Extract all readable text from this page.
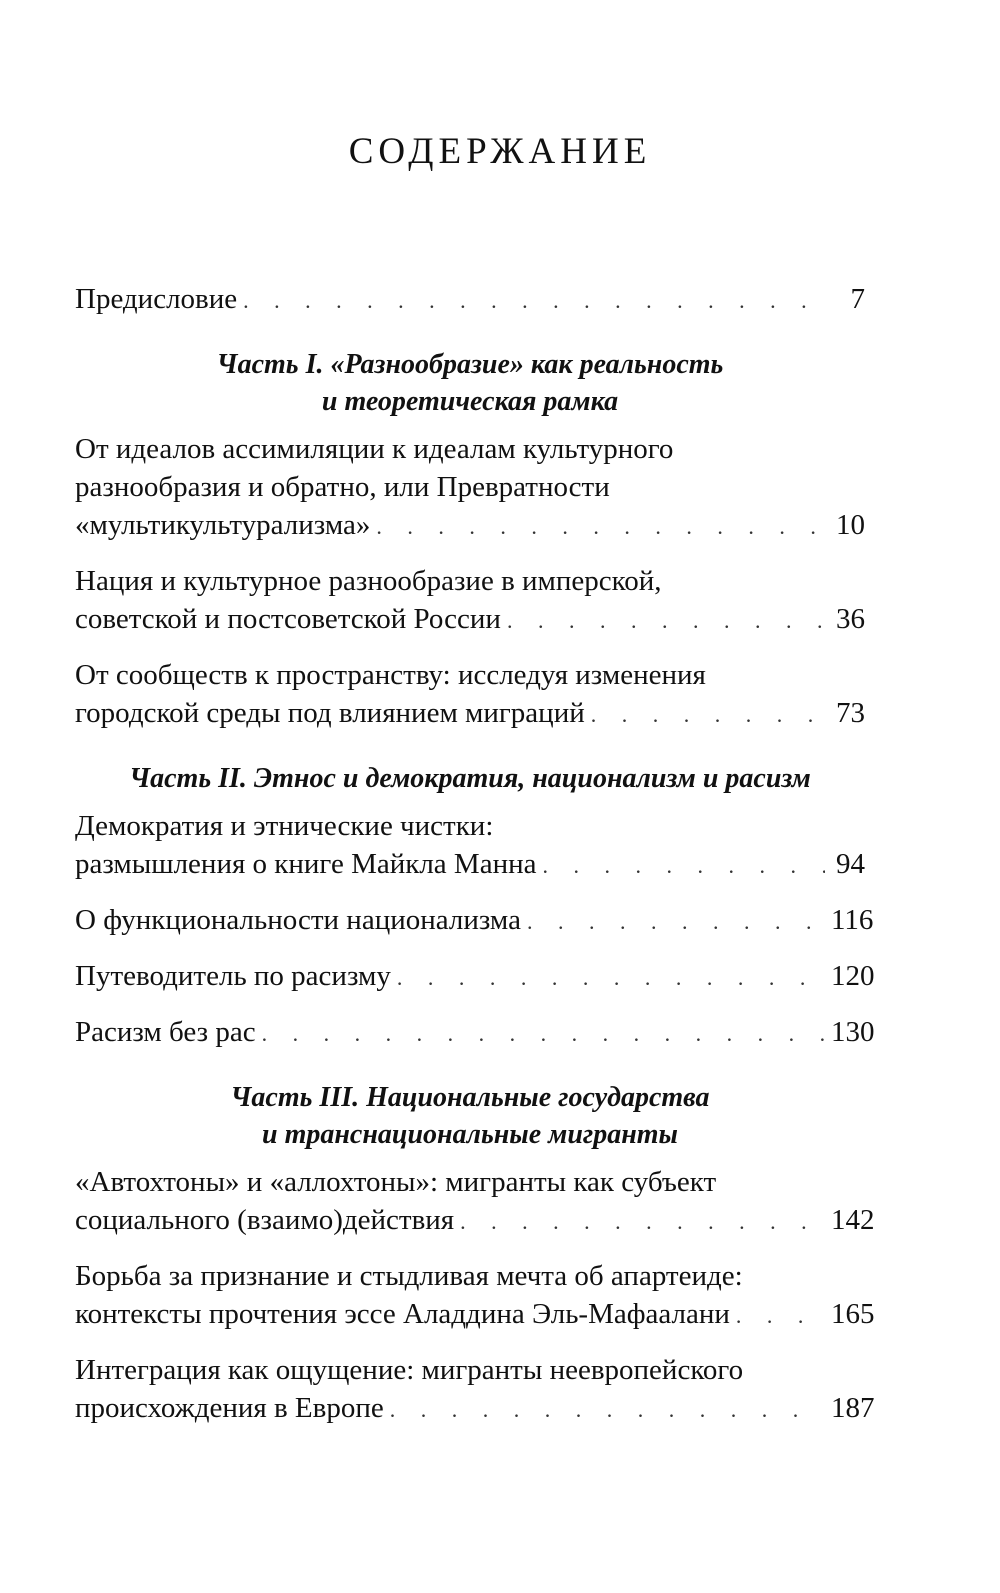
СОДЕРЖАНИЕ
Предисловие . . .	7
Часть I. «Разнообразие» как реальность
и теоретическая рамка
От идеалов ассимиляции к идеалам культурного
разнообразия и обратно, или Превратности
«мультикультурализма» . . .	10
Нация и культурное разнообразие в имперской,
советской и постсоветской России . . .	36
От сообществ к пространству: исследуя изменения
городской среды под влиянием миграций . . .	73
Часть II. Этнос и демократия, национализм и расизм
Демократия и этнические чистки:
размышления о книге Майкла Манна . . .	94
О функциональности национализма . . .	116
Путеводитель по расизму . . .	120
Расизм без рас . . .	130
Часть III. Национальные государства
и транснациональные мигранты
«Автохтоны» и «аллохтоны»: мигранты как субъект
социального (взаимо)действия . . .	142
Борьба за признание и стыдливая мечта об апартеиде:
контексты прочтения эссе Аладдина Эль-Мафаалани . . .	165
Интеграция как ощущение: мигранты неевропейского
происхождения в Европе . . .	187
